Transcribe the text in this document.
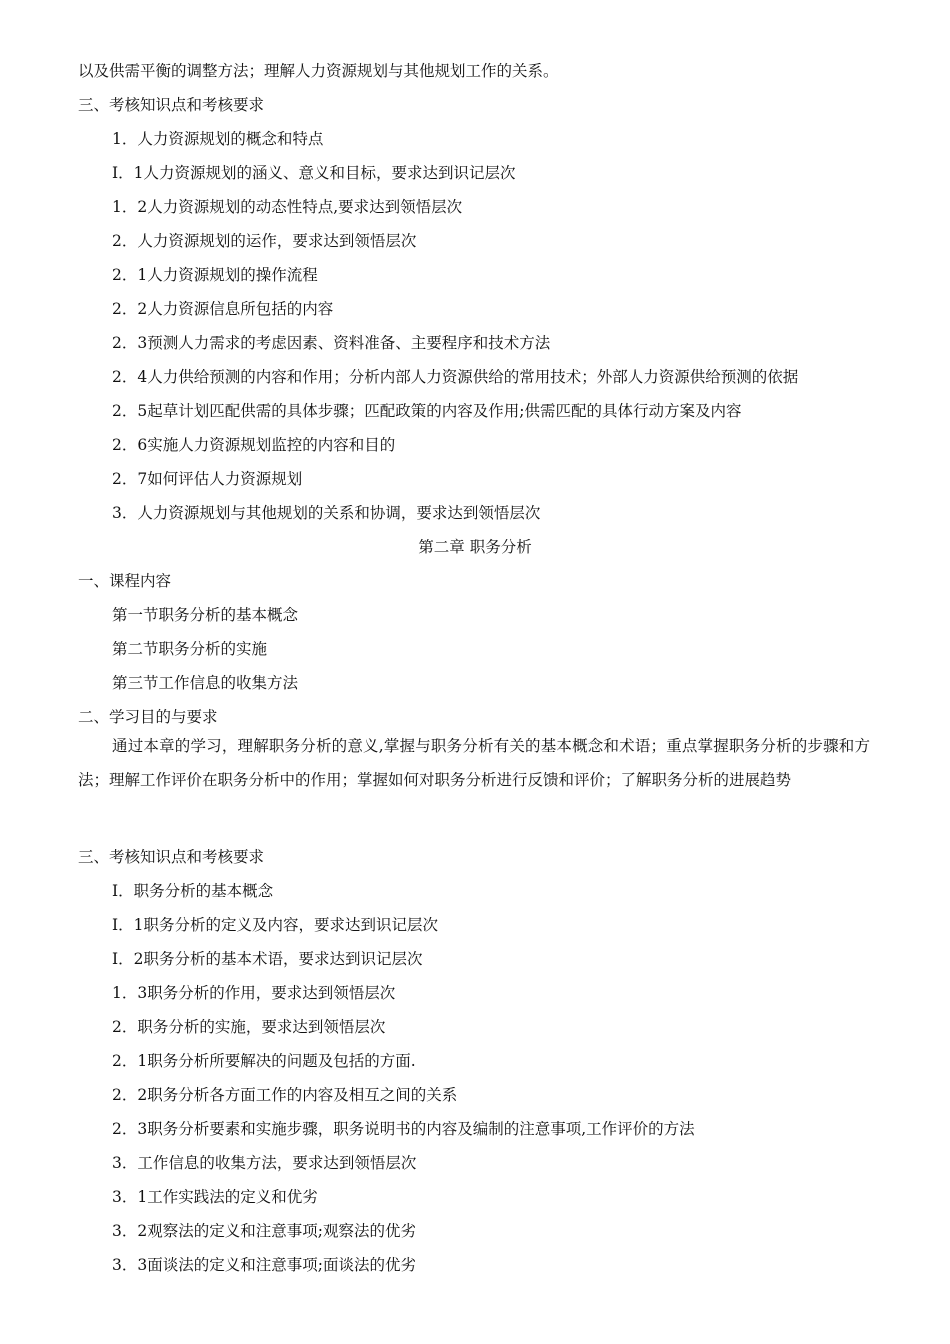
以及供需平衡的调整方法；理解人力资源规划与其他规划工作的关系。
三、考核知识点和考核要求
1．人力资源规划的概念和特点
I．1人力资源规划的涵义、意义和目标，要求达到识记层次
1．2人力资源规划的动态性特点,要求达到领悟层次
2．人力资源规划的运作，要求达到领悟层次
2．1人力资源规划的操作流程
2．2人力资源信息所包括的内容
2．3预测人力需求的考虑因素、资料准备、主要程序和技术方法
2．4人力供给预测的内容和作用；分析内部人力资源供给的常用技术；外部人力资源供给预测的依据
2．5起草计划匹配供需的具体步骤；匹配政策的内容及作用;供需匹配的具体行动方案及内容
2．6实施人力资源规划监控的内容和目的
2．7如何评估人力资源规划
3．人力资源规划与其他规划的关系和协调，要求达到领悟层次
第二章 职务分析
一、课程内容
第一节职务分析的基本概念
第二节职务分析的实施
第三节工作信息的收集方法
二、学习目的与要求
通过本章的学习，理解职务分析的意义,掌握与职务分析有关的基本概念和术语；重点掌握职务分析的步骤和方法；理解工作评价在职务分析中的作用；掌握如何对职务分析进行反馈和评价；了解职务分析的进展趋势
三、考核知识点和考核要求
I．职务分析的基本概念
I．1职务分析的定义及内容，要求达到识记层次
I．2职务分析的基本术语，要求达到识记层次
1．3职务分析的作用，要求达到领悟层次
2．职务分析的实施，要求达到领悟层次
2．1职务分析所要解决的问题及包括的方面.
2．2职务分析各方面工作的内容及相互之间的关系
2．3职务分析要素和实施步骤，职务说明书的内容及编制的注意事项,工作评价的方法
3．工作信息的收集方法，要求达到领悟层次
3．1工作实践法的定义和优劣
3．2观察法的定义和注意事项;观察法的优劣
3．3面谈法的定义和注意事项;面谈法的优劣
